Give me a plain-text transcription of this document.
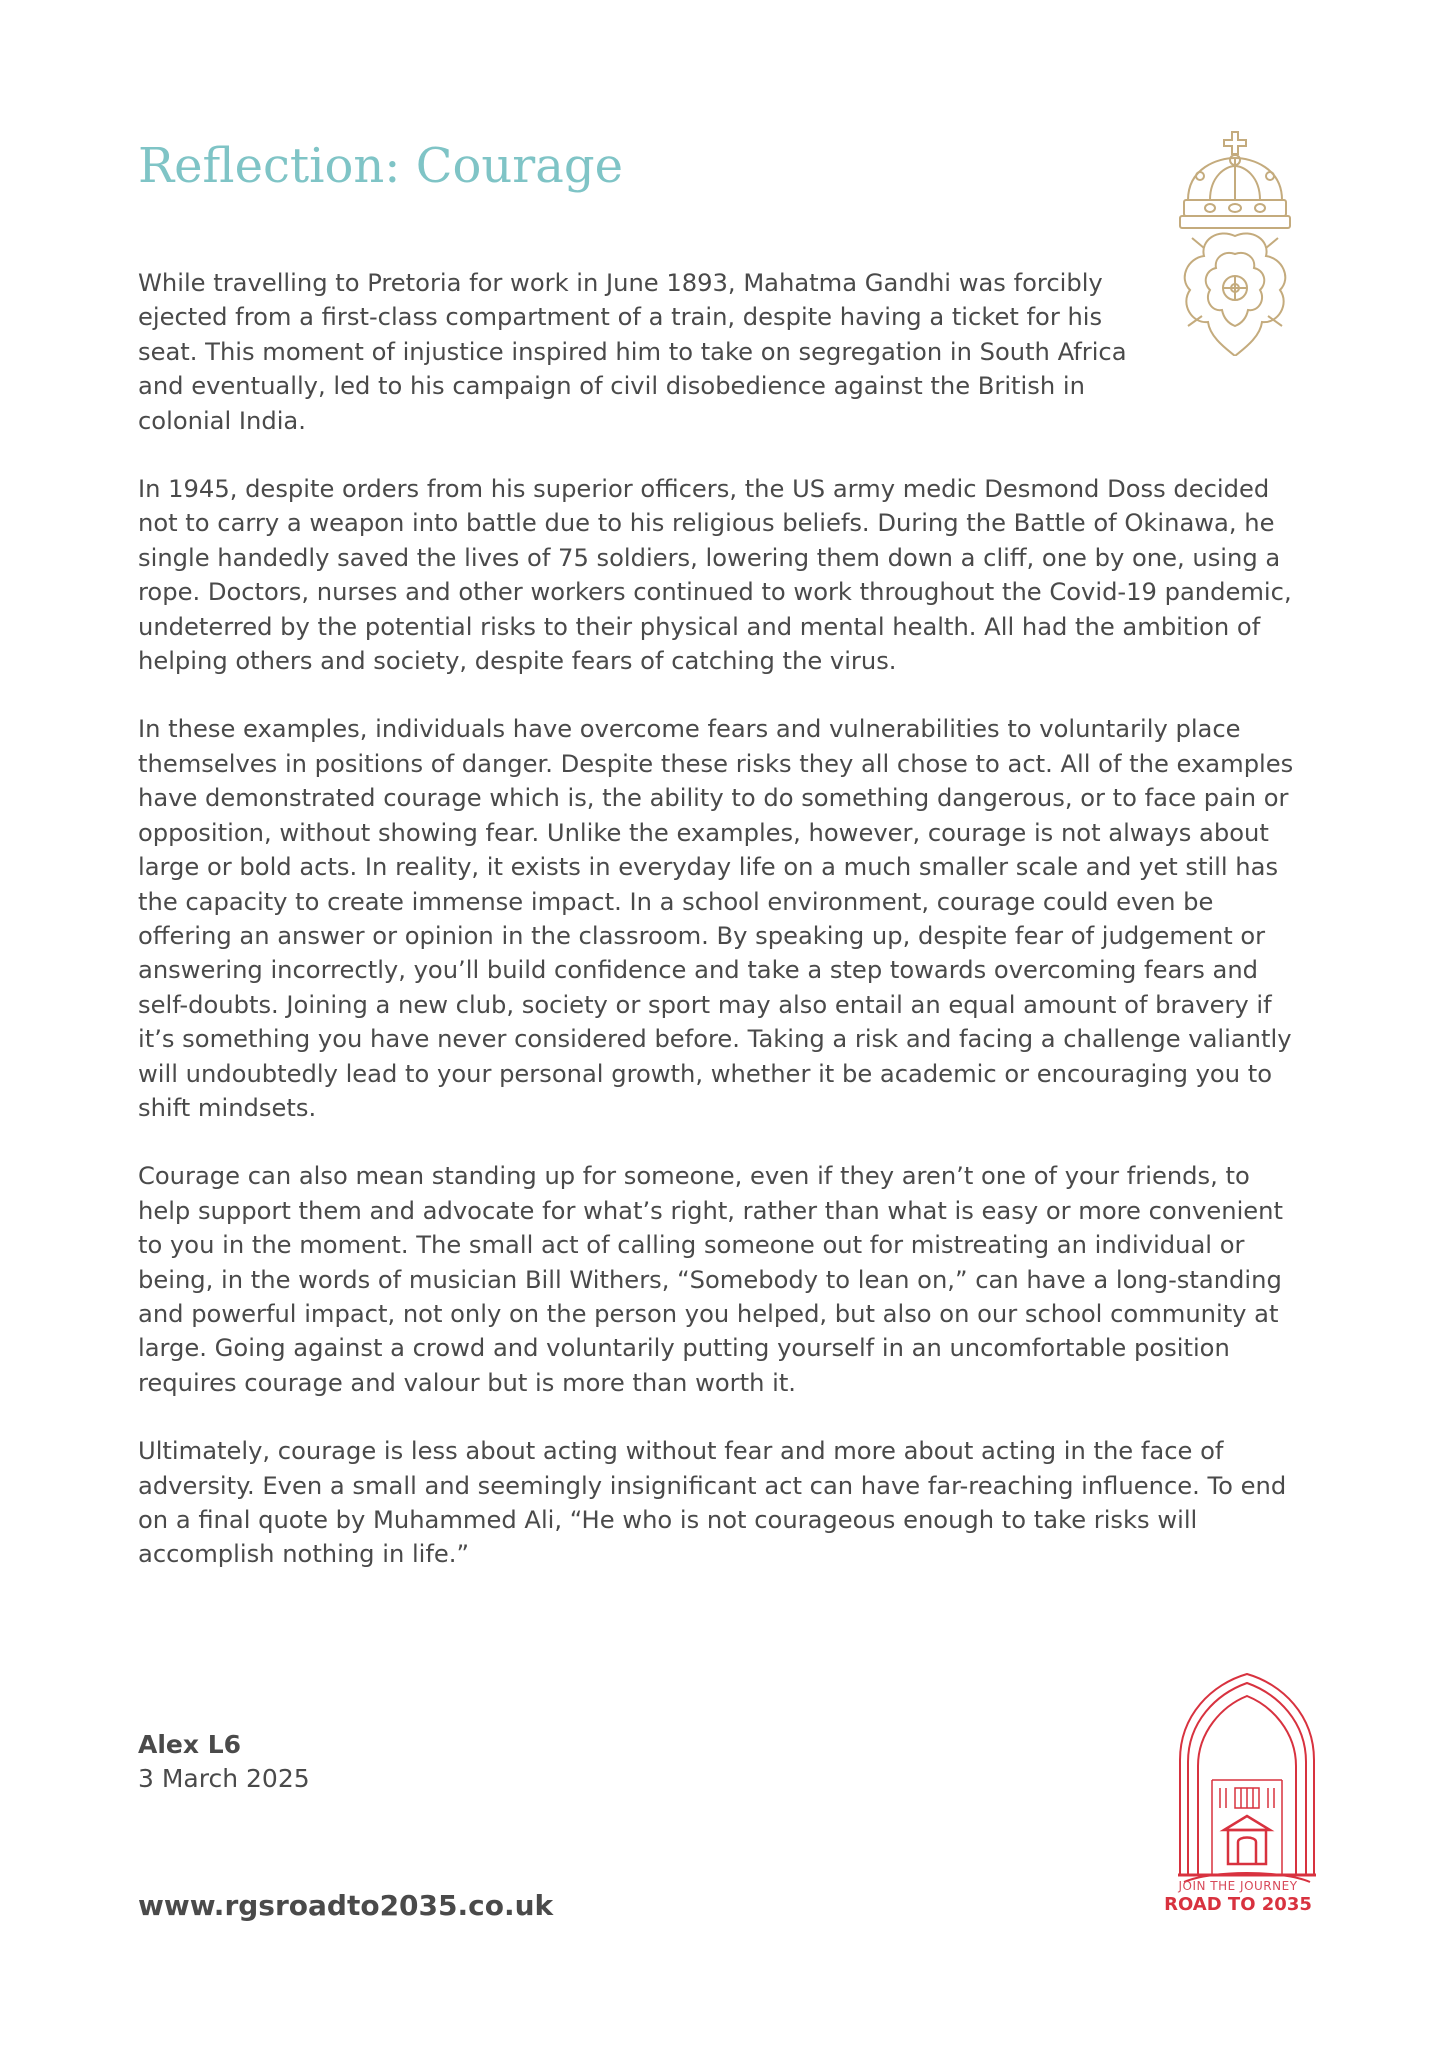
Reflection: Courage

While travelling to Pretoria for work in June 1893, Mahatma Gandhi was forcibly ejected from a first-class compartment of a train, despite having a ticket for his seat. This moment of injustice inspired him to take on segregation in South Africa and eventually, led to his campaign of civil disobedience against the British in colonial India.

In 1945, despite orders from his superior officers, the US army medic Desmond Doss decided not to carry a weapon into battle due to his religious beliefs. During the Battle of Okinawa, he single handedly saved the lives of 75 soldiers, lowering them down a cliff, one by one, using a rope. Doctors, nurses and other workers continued to work throughout the Covid-19 pandemic, undeterred by the potential risks to their physical and mental health. All had the ambition of helping others and society, despite fears of catching the virus.

In these examples, individuals have overcome fears and vulnerabilities to voluntarily place themselves in positions of danger. Despite these risks they all chose to act. All of the examples have demonstrated courage which is, the ability to do something dangerous, or to face pain or opposition, without showing fear. Unlike the examples, however, courage is not always about large or bold acts. In reality, it exists in everyday life on a much smaller scale and yet still has the capacity to create immense impact. In a school environment, courage could even be offering an answer or opinion in the classroom. By speaking up, despite fear of judgement or answering incorrectly, you’ll build confidence and take a step towards overcoming fears and self-doubts. Joining a new club, society or sport may also entail an equal amount of bravery if it’s something you have never considered before. Taking a risk and facing a challenge valiantly will undoubtedly lead to your personal growth, whether it be academic or encouraging you to shift mindsets.

Courage can also mean standing up for someone, even if they aren’t one of your friends, to help support them and advocate for what’s right, rather than what is easy or more convenient to you in the moment. The small act of calling someone out for mistreating an individual or being, in the words of musician Bill Withers, “Somebody to lean on,” can have a long-standing and powerful impact, not only on the person you helped, but also on our school community at large. Going against a crowd and voluntarily putting yourself in an uncomfortable position requires courage and valour but is more than worth it.

Ultimately, courage is less about acting without fear and more about acting in the face of adversity. Even a small and seemingly insignificant act can have far-reaching influence. To end on a final quote by Muhammed Ali, “He who is not courageous enough to take risks will accomplish nothing in life.”

Alex L6

3 March 2025

www.rgsroadto2035.co.uk

JOIN THE JOURNEY
ROAD TO 2035
